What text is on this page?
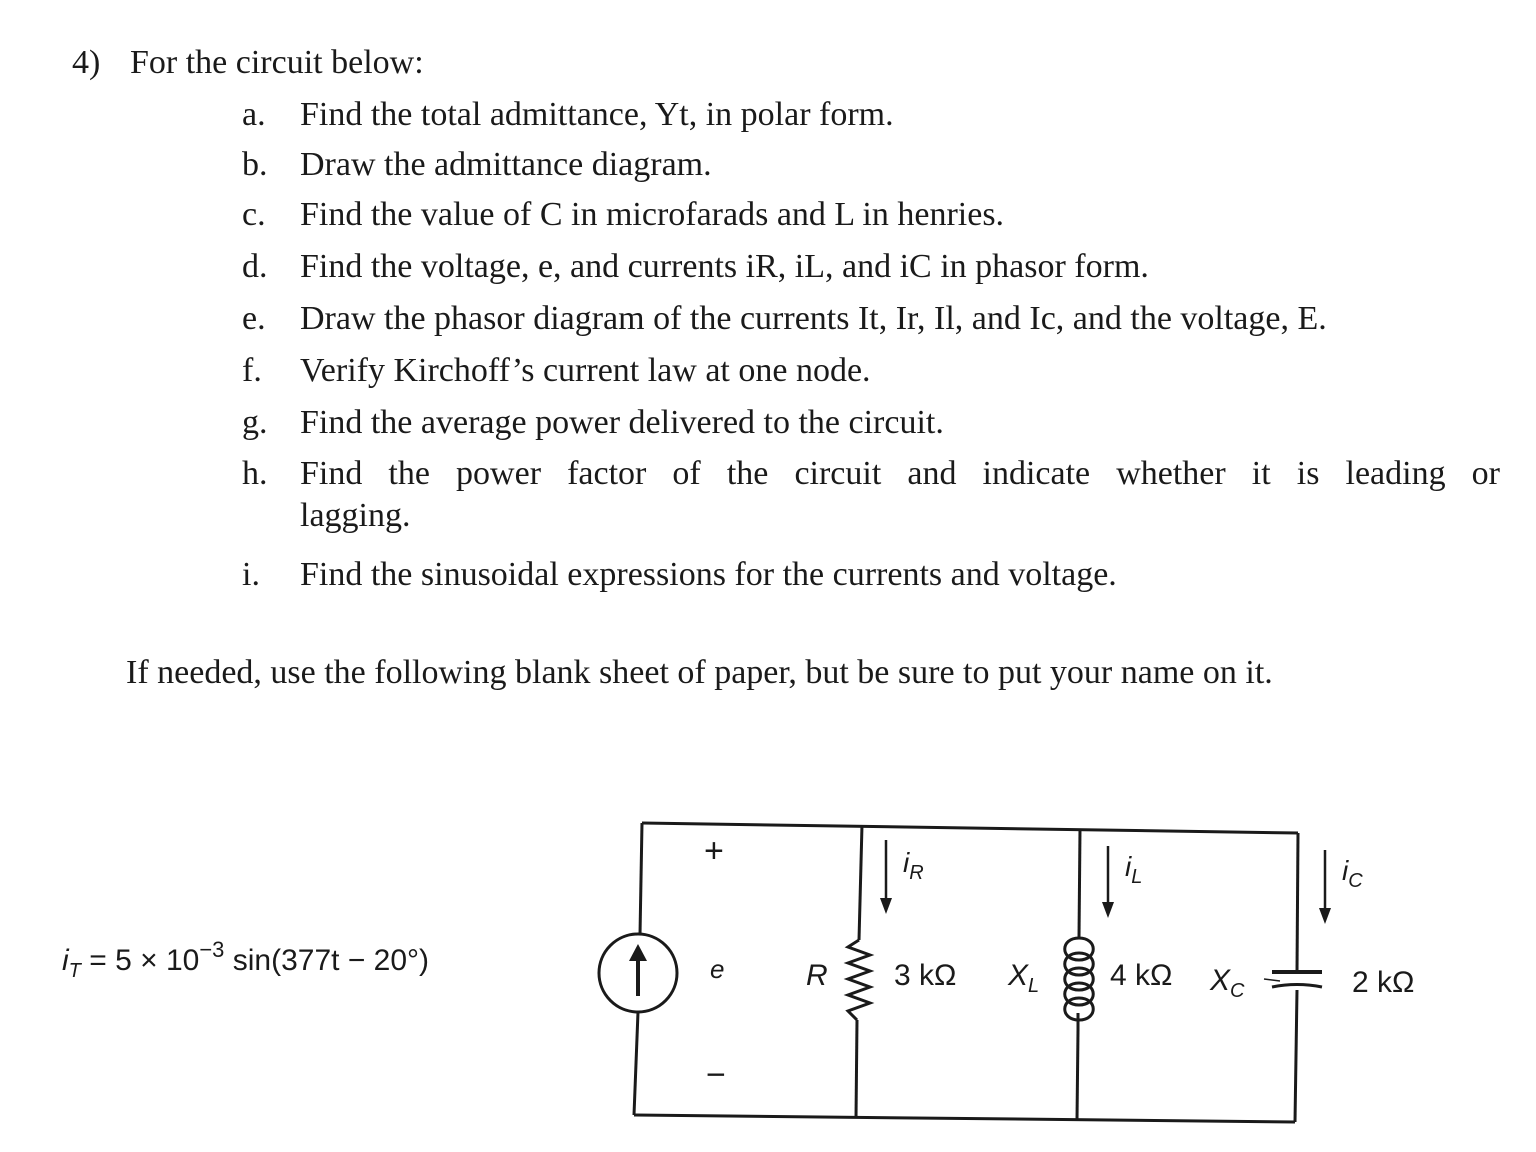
4) For the circuit below:
a. Find the total admittance, Yt, in polar form.
b. Draw the admittance diagram.
c. Find the value of C in microfarads and L in henries.
d. Find the voltage, e, and currents iR, iL, and iC in phasor form.
e. Draw the phasor diagram of the currents It, Ir, Il, and Ic, and the voltage, E.
f. Verify Kirchoff’s current law at one node.
g. Find the average power delivered to the circuit.
h. Find the power factor of the circuit and indicate whether it is leading or
lagging.
i. Find the sinusoidal expressions for the currents and voltage.
If needed, use the following blank sheet of paper, but be sure to put your name on it.
+
−
e
$i_R$	$i_L$	$i_C$
R 3 kΩ $X_L$ 4 kΩ $X_C$	2 kΩ
$i_T = 5 \times 10^{-3}$ sin(377t − 20°)
